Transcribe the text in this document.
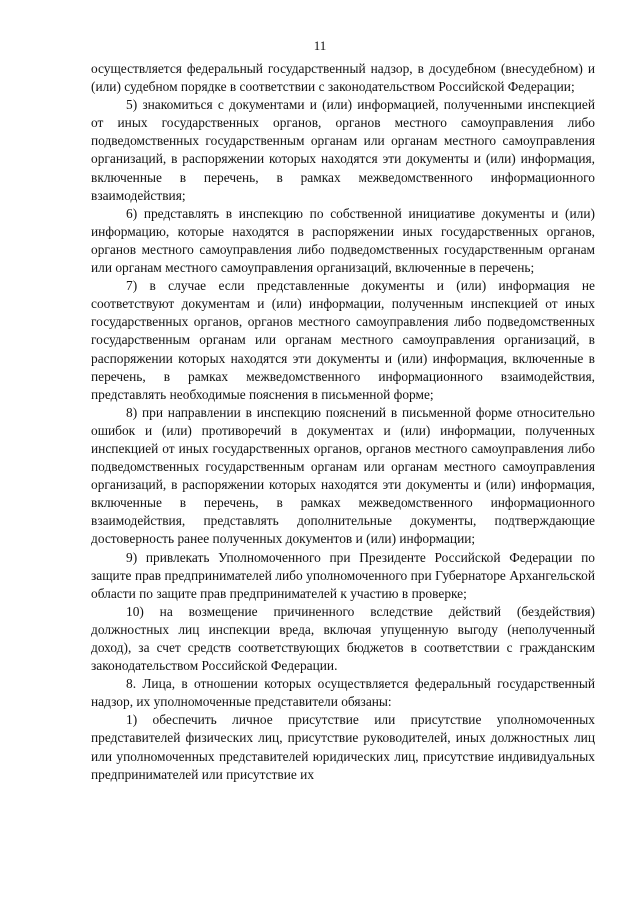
11

осуществляется федеральный государственный надзор, в досудебном (внесудебном) и (или) судебном порядке в соответствии с законодательством Российской Федерации;

5) знакомиться с документами и (или) информацией, полученными инспекцией от иных государственных органов, органов местного самоуправления либо подведомственных государственным органам или органам местного самоуправления организаций, в распоряжении которых находятся эти документы и (или) информация, включенные в перечень, в рамках межведомственного информационного взаимодействия;

6) представлять в инспекцию по собственной инициативе документы и (или) информацию, которые находятся в распоряжении иных государственных органов, органов местного самоуправления либо подведомственных государственным органам или органам местного самоуправления организаций, включенные в перечень;

7) в случае если представленные документы и (или) информация не соответствуют документам и (или) информации, полученным инспекцией от иных государственных органов, органов местного самоуправления либо подведомственных государственным органам или органам местного самоуправления организаций, в распоряжении которых находятся эти документы и (или) информация, включенные в перечень, в рамках межведомственного информационного взаимодействия, представлять необходимые пояснения в письменной форме;

8) при направлении в инспекцию пояснений в письменной форме относительно ошибок и (или) противоречий в документах и (или) информации, полученных инспекцией от иных государственных органов, органов местного самоуправления либо подведомственных государственным органам или органам местного самоуправления организаций, в распоряжении которых находятся эти документы и (или) информация, включенные в перечень, в рамках межведомственного информационного взаимодействия, представлять дополнительные документы, подтверждающие достоверность ранее полученных документов и (или) информации;

9) привлекать Уполномоченного при Президенте Российской Федерации по защите прав предпринимателей либо уполномоченного при Губернаторе Архангельской области по защите прав предпринимателей к участию в проверке;

10) на возмещение причиненного вследствие действий (бездействия) должностных лиц инспекции вреда, включая упущенную выгоду (неполученный доход), за счет средств соответствующих бюджетов в соответствии с гражданским законодательством Российской Федерации.

8. Лица, в отношении которых осуществляется федеральный государственный надзор, их уполномоченные представители обязаны:

1) обеспечить личное присутствие или присутствие уполномоченных представителей физических лиц, присутствие руководителей, иных должностных лиц или уполномоченных представителей юридических лиц, присутствие индивидуальных предпринимателей или присутствие их
